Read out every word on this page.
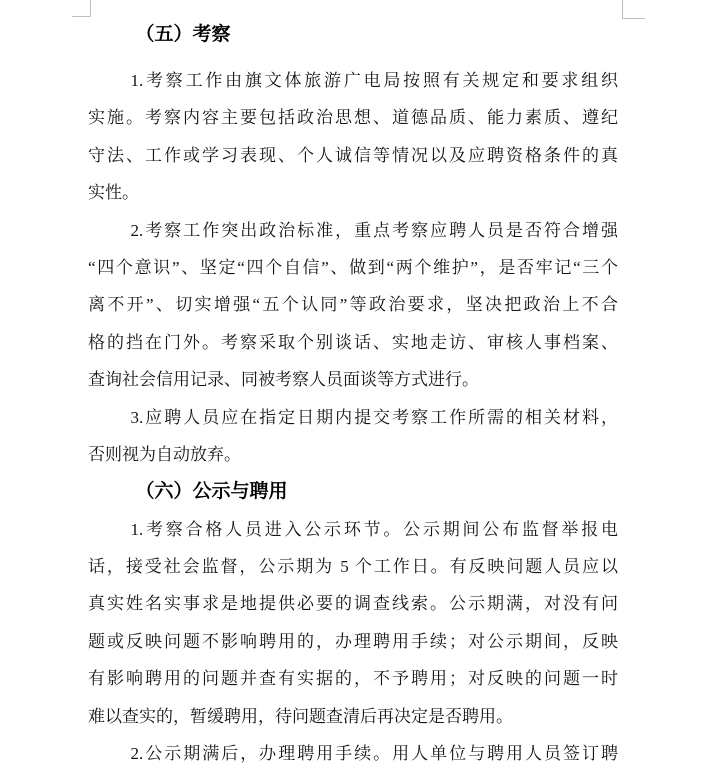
（五）考察
1.考察工作由旗文体旅游广电局按照有关规定和要求组织
实施。考察内容主要包括政治思想、道德品质、能力素质、遵纪
守法、工作或学习表现、个人诚信等情况以及应聘资格条件的真
实性。
2.考察工作突出政治标准，重点考察应聘人员是否符合增强
“四个意识”、坚定“四个自信”、做到“两个维护”，是否牢记“三个
离不开”、切实增强“五个认同”等政治要求，坚决把政治上不合
格的挡在门外。考察采取个别谈话、实地走访、审核人事档案、
查询社会信用记录、同被考察人员面谈等方式进行。
3.应聘人员应在指定日期内提交考察工作所需的相关材料，
否则视为自动放弃。
（六）公示与聘用
1.考察合格人员进入公示环节。公示期间公布监督举报电
话，接受社会监督，公示期为 5 个工作日。有反映问题人员应以
真实姓名实事求是地提供必要的调查线索。公示期满，对没有问
题或反映问题不影响聘用的，办理聘用手续；对公示期间，反映
有影响聘用的问题并查有实据的，不予聘用；对反映的问题一时
难以查实的，暂缓聘用，待问题查清后再决定是否聘用。
2.公示期满后，办理聘用手续。用人单位与聘用人员签订聘
